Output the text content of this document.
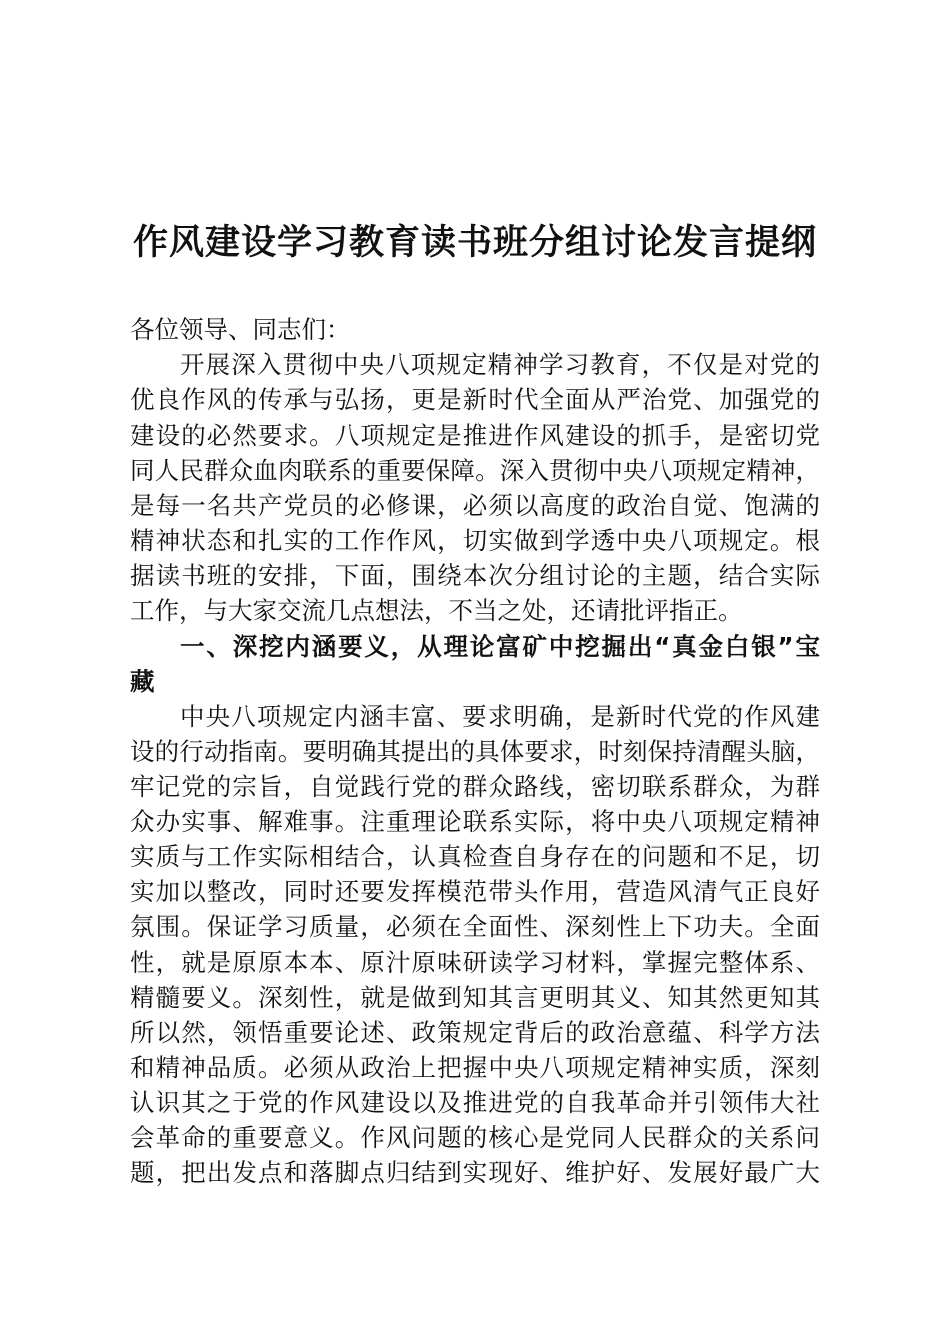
作风建设学习教育读书班分组讨论发言提纲
各位领导、同志们：
开展深入贯彻中央八项规定精神学习教育，不仅是对党的
优良作风的传承与弘扬，更是新时代全面从严治党、加强党的
建设的必然要求。八项规定是推进作风建设的抓手，是密切党
同人民群众血肉联系的重要保障。深入贯彻中央八项规定精神，
是每一名共产党员的必修课，必须以高度的政治自觉、饱满的
精神状态和扎实的工作作风，切实做到学透中央八项规定。根
据读书班的安排，下面，围绕本次分组讨论的主题，结合实际
工作，与大家交流几点想法，不当之处，还请批评指正。
一、深挖内涵要义，从理论富矿中挖掘出“真金白银”宝
藏
中央八项规定内涵丰富、要求明确，是新时代党的作风建
设的行动指南。要明确其提出的具体要求，时刻保持清醒头脑，
牢记党的宗旨，自觉践行党的群众路线，密切联系群众，为群
众办实事、解难事。注重理论联系实际，将中央八项规定精神
实质与工作实际相结合，认真检查自身存在的问题和不足，切
实加以整改，同时还要发挥模范带头作用，营造风清气正良好
氛围。保证学习质量，必须在全面性、深刻性上下功夫。全面
性，就是原原本本、原汁原味研读学习材料，掌握完整体系、
精髓要义。深刻性，就是做到知其言更明其义、知其然更知其
所以然，领悟重要论述、政策规定背后的政治意蕴、科学方法
和精神品质。必须从政治上把握中央八项规定精神实质，深刻
认识其之于党的作风建设以及推进党的自我革命并引领伟大社
会革命的重要意义。作风问题的核心是党同人民群众的关系问
题，把出发点和落脚点归结到实现好、维护好、发展好最广大
